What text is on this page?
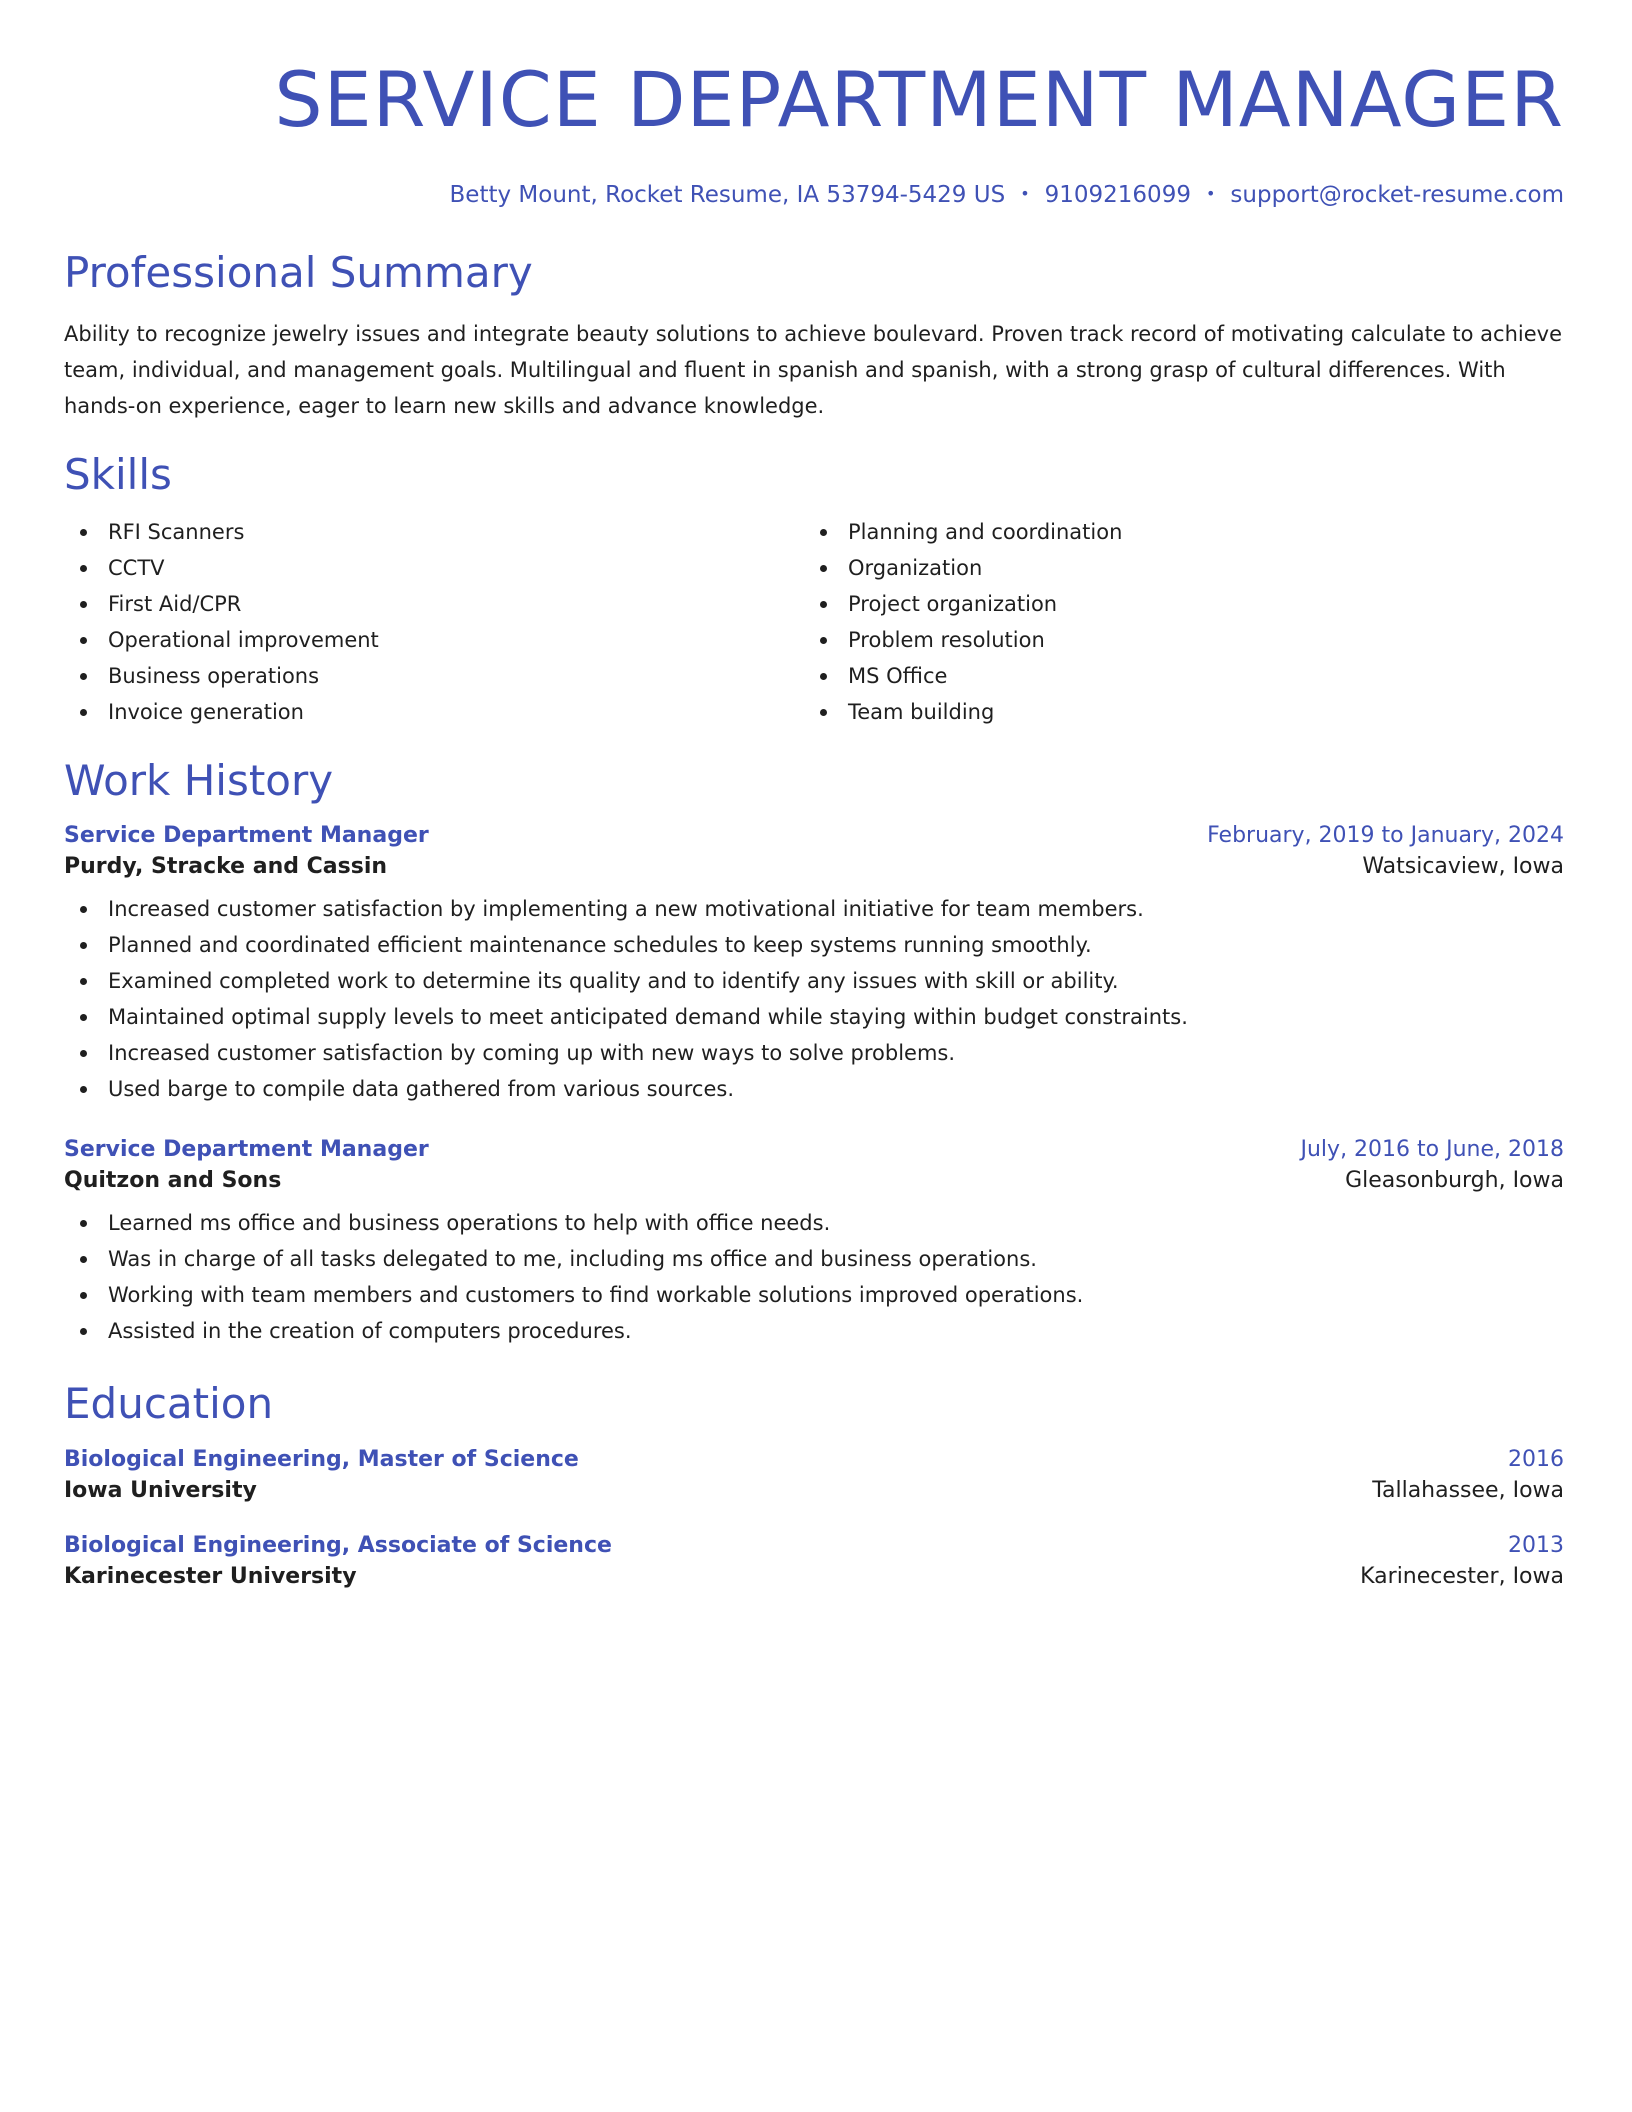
SERVICE DEPARTMENT MANAGER
Betty Mount, Rocket Resume, IA 53794-5429 US • 9109216099 • support@rocket-resume.com
Professional Summary
Ability to recognize jewelry issues and integrate beauty solutions to achieve boulevard. Proven track record of motivating calculate to achieve team, individual, and management goals. Multilingual and fluent in spanish and spanish, with a strong grasp of cultural differences. With hands-on experience, eager to learn new skills and advance knowledge.
Skills
RFI Scanners
CCTV
First Aid/CPR
Operational improvement
Business operations
Invoice generation
Planning and coordination
Organization
Project organization
Problem resolution
MS Office
Team building
Work History
Service Department Manager	February, 2019 to January, 2024
Purdy, Stracke and Cassin	Watsicaview, Iowa
Increased customer satisfaction by implementing a new motivational initiative for team members.
Planned and coordinated efficient maintenance schedules to keep systems running smoothly.
Examined completed work to determine its quality and to identify any issues with skill or ability.
Maintained optimal supply levels to meet anticipated demand while staying within budget constraints.
Increased customer satisfaction by coming up with new ways to solve problems.
Used barge to compile data gathered from various sources.
Service Department Manager	July, 2016 to June, 2018
Quitzon and Sons	Gleasonburgh, Iowa
Learned ms office and business operations to help with office needs.
Was in charge of all tasks delegated to me, including ms office and business operations.
Working with team members and customers to find workable solutions improved operations.
Assisted in the creation of computers procedures.
Education
Biological Engineering, Master of Science	2016
Iowa University	Tallahassee, Iowa
Biological Engineering, Associate of Science	2013
Karinecester University	Karinecester, Iowa
